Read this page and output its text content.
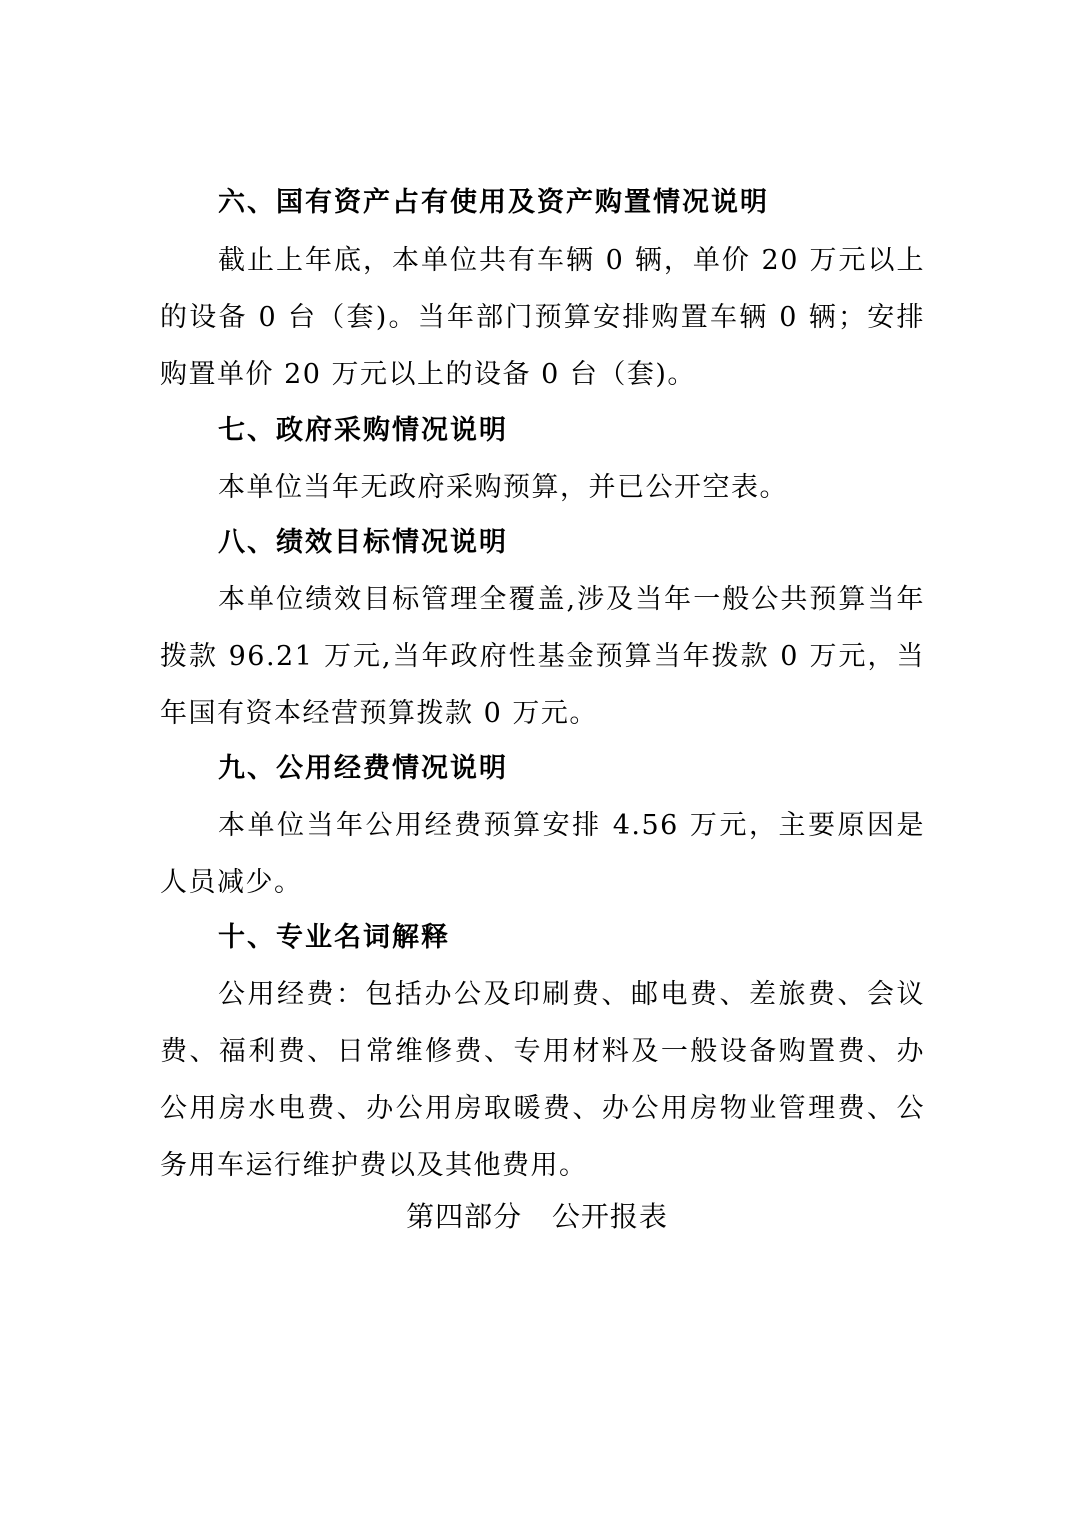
六、国有资产占有使用及资产购置情况说明

截止上年底，本单位共有车辆 0 辆，单价 20 万元以上的设备 0 台（套)。当年部门预算安排购置车辆 0 辆；安排购置单价 20 万元以上的设备 0 台（套)。

七、政府采购情况说明

本单位当年无政府采购预算，并已公开空表。

八、绩效目标情况说明

本单位绩效目标管理全覆盖,涉及当年一般公共预算当年拨款 96.21 万元,当年政府性基金预算当年拨款 0 万元，当年国有资本经营预算拨款 0 万元。

九、公用经费情况说明

本单位当年公用经费预算安排 4.56 万元，主要原因是人员减少。

十、专业名词解释

公用经费：包括办公及印刷费、邮电费、差旅费、会议费、福利费、日常维修费、专用材料及一般设备购置费、办公用房水电费、办公用房取暖费、办公用房物业管理费、公务用车运行维护费以及其他费用。

第四部分   公开报表
